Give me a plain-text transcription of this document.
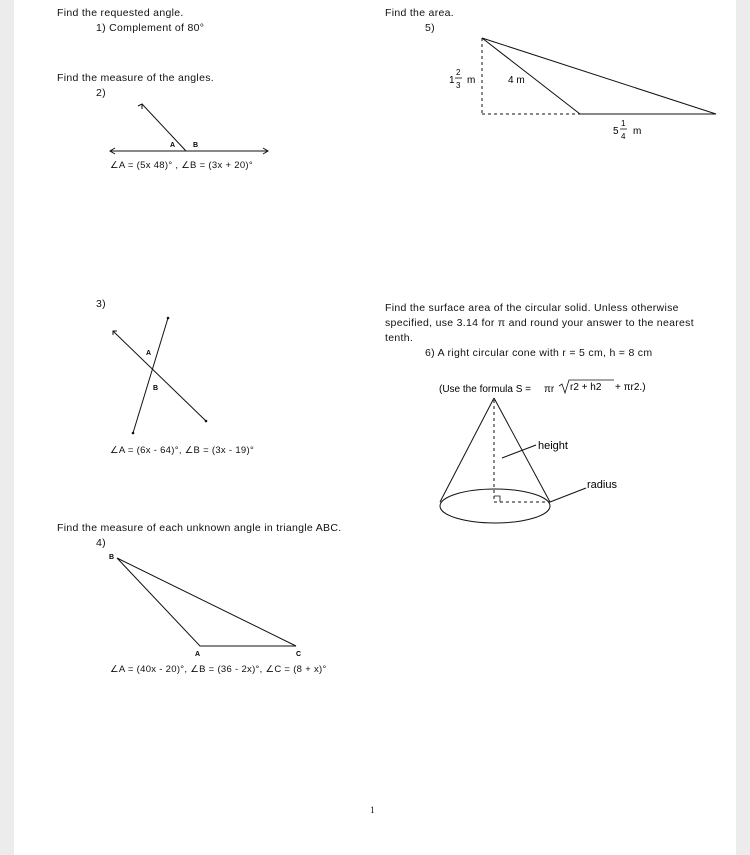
Find the requested angle.
1) Complement of 80°
Find the measure of the angles.
2)
A	B
∠A = (5x 48)° , ∠B = (3x + 20)°
3)
A
B
∠A = (6x - 64)°, ∠B = (3x - 19)°
Find the measure of each unknown angle in triangle ABC.
4)
B
A	C
∠A = (40x - 20)°, ∠B = (36 - 2x)°, ∠C = (8 + x)°
Find the area.
5)
1
2
3 m	4 m
5
1
4 m
Find the surface area of the circular solid. Unless otherwise specified, use 3.14 for π and round your answer to the nearest tenth.
6) A right circular cone with r = 5 cm, h = 8 cm
(Use the formula S = πr r2 + h2 + πr2.)
height
radius
1
